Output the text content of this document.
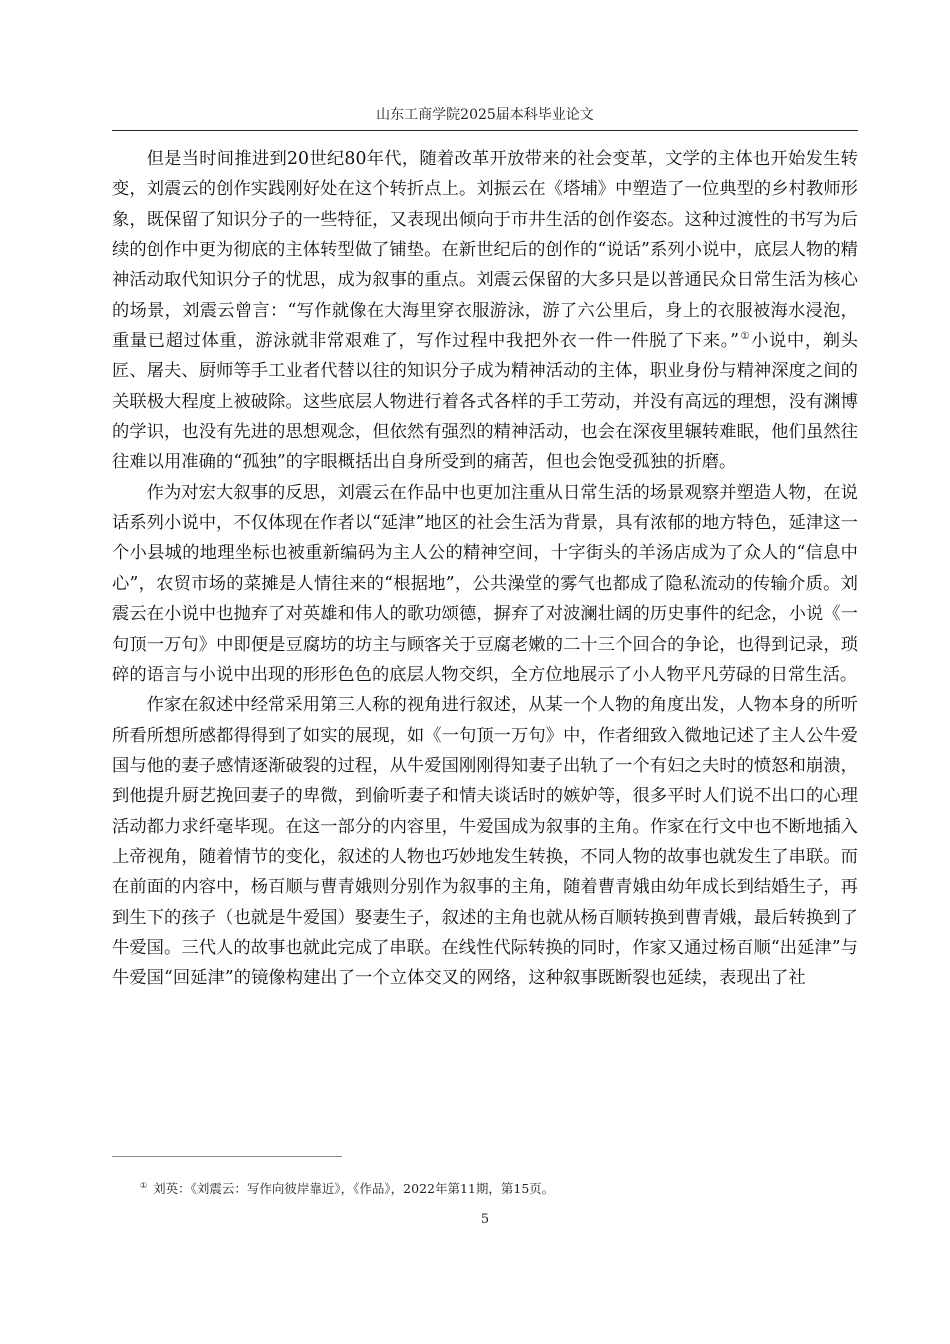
山东工商学院2025届本科毕业论文

但是当时间推进到20世纪80年代，随着改革开放带来的社会变革，文学的主体也开始发生转变，刘震云的创作实践刚好处在这个转折点上。刘振云在《塔埔》中塑造了一位典型的乡村教师形象，既保留了知识分子的一些特征，又表现出倾向于市井生活的创作姿态。这种过渡性的书写为后续的创作中更为彻底的主体转型做了铺垫。在新世纪后的创作的“说话”系列小说中，底层人物的精神活动取代知识分子的忧思，成为叙事的重点。刘震云保留的大多只是以普通民众日常生活为核心的场景，刘震云曾言：“写作就像在大海里穿衣服游泳，游了六公里后，身上的衣服被海水浸泡，重量已超过体重，游泳就非常艰难了，写作过程中我把外衣一件一件脱了下来。”①小说中，剃头匠、屠夫、厨师等手工业者代替以往的知识分子成为精神活动的主体，职业身份与精神深度之间的关联极大程度上被破除。这些底层人物进行着各式各样的手工劳动，并没有高远的理想，没有渊博的学识，也没有先进的思想观念，但依然有强烈的精神活动，也会在深夜里辗转难眠，他们虽然往往难以用准确的“孤独”的字眼概括出自身所受到的痛苦，但也会饱受孤独的折磨。

作为对宏大叙事的反思，刘震云在作品中也更加注重从日常生活的场景观察并塑造人物，在说话系列小说中，不仅体现在作者以“延津”地区的社会生活为背景，具有浓郁的地方特色，延津这一个小县城的地理坐标也被重新编码为主人公的精神空间，十字街头的羊汤店成为了众人的“信息中心”，农贸市场的菜摊是人情往来的“根据地”，公共澡堂的雾气也都成了隐私流动的传输介质。刘震云在小说中也抛弃了对英雄和伟人的歌功颂德，摒弃了对波澜壮阔的历史事件的纪念，小说《一句顶一万句》中即便是豆腐坊的坊主与顾客关于豆腐老嫩的二十三个回合的争论，也得到记录，琐碎的语言与小说中出现的形形色色的底层人物交织，全方位地展示了小人物平凡劳碌的日常生活。

作家在叙述中经常采用第三人称的视角进行叙述，从某一个人物的角度出发，人物本身的所听所看所想所感都得得到了如实的展现，如《一句顶一万句》中，作者细致入微地记述了主人公牛爱国与他的妻子感情逐渐破裂的过程，从牛爱国刚刚得知妻子出轨了一个有妇之夫时的愤怒和崩溃，到他提升厨艺挽回妻子的卑微，到偷听妻子和情夫谈话时的嫉妒等，很多平时人们说不出口的心理活动都力求纤毫毕现。在这一部分的内容里，牛爱国成为叙事的主角。作家在行文中也不断地插入上帝视角，随着情节的变化，叙述的人物也巧妙地发生转换，不同人物的故事也就发生了串联。而在前面的内容中，杨百顺与曹青娥则分别作为叙事的主角，随着曹青娥由幼年成长到结婚生子，再到生下的孩子（也就是牛爱国）娶妻生子，叙述的主角也就从杨百顺转换到曹青娥，最后转换到了牛爱国。三代人的故事也就此完成了串联。在线性代际转换的同时，作家又通过杨百顺“出延津”与牛爱国“回延津”的镜像构建出了一个立体交叉的网络，这种叙事既断裂也延续，表现出了社

① 刘英：《刘震云：写作向彼岸靠近》，《作品》，2022年第11期，第15页。
5
